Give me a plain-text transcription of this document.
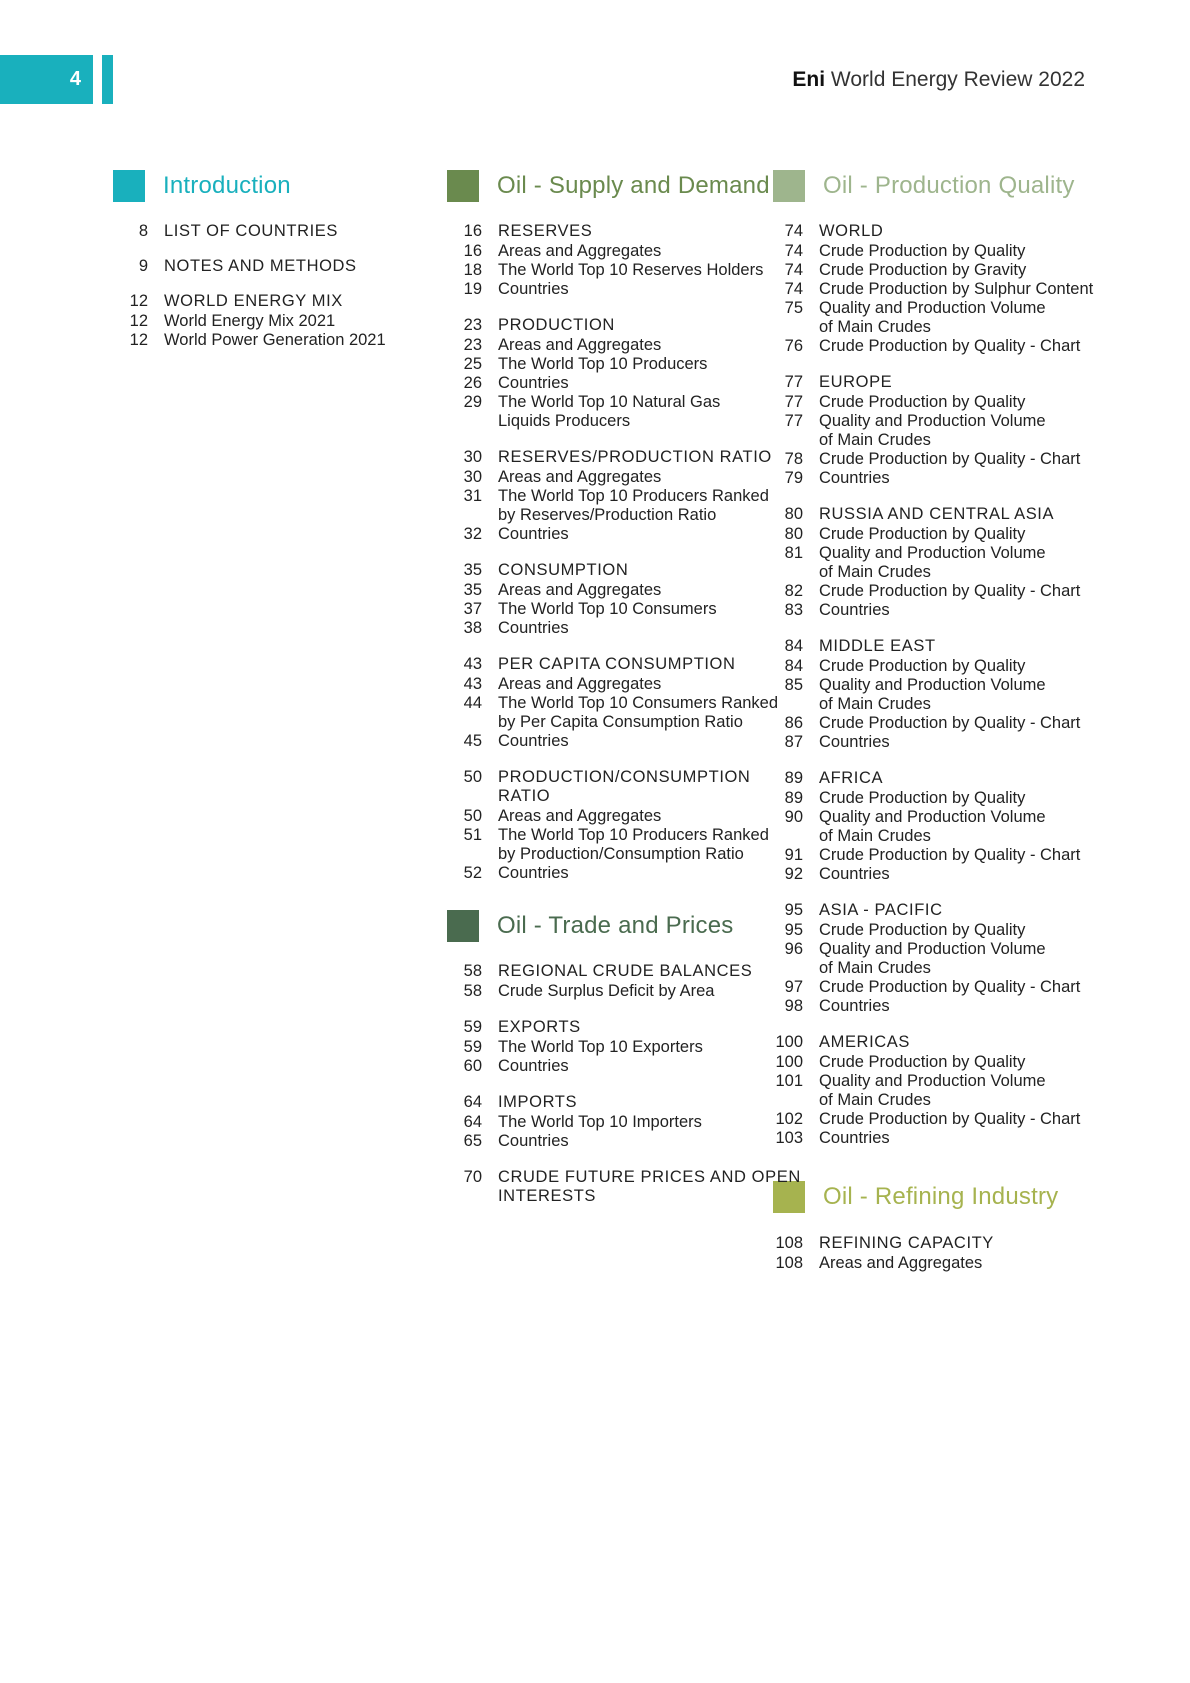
4	Eni World Energy Review 2022
Introduction	Oil - Supply and Demand Oil - Production Quality
Oil - Trade and Prices
Oil - Refining Industry
8 LIST OF COUNTRIES
9 NOTES AND METHODS
12 WORLD ENERGY MIX
12 World Energy Mix 2021
12 World Power Generation 2021
16 RESERVES
16 Areas and Aggregates
18 The World Top 10 Reserves Holders
19 Countries
23 PRODUCTION
23 Areas and Aggregates
25 The World Top 10 Producers
26 Countries
29 The World Top 10 Natural Gas
Liquids Producers
30 RESERVES/PRODUCTION RATIO
30 Areas and Aggregates
31 The World Top 10 Producers Ranked
by Reserves/Production Ratio
32 Countries
35 CONSUMPTION
35 Areas and Aggregates
37 The World Top 10 Consumers
38 Countries
43 PER CAPITA CONSUMPTION
43 Areas and Aggregates
44 The World Top 10 Consumers Ranked
by Per Capita Consumption Ratio
45 Countries
50 PRODUCTION/CONSUMPTION
RATIO
50 Areas and Aggregates
51 The World Top 10 Producers Ranked
by Production/Consumption Ratio
52 Countries
58 REGIONAL CRUDE BALANCES
58 Crude Surplus Deficit by Area
59 EXPORTS
59 The World Top 10 Exporters
60 Countries
64 IMPORTS
64 The World Top 10 Importers
65 Countries
70 CRUDE FUTURE PRICES AND OPEN
INTERESTS
74 WORLD
74 Crude Production by Quality
74 Crude Production by Gravity
74 Crude Production by Sulphur Content
75 Quality and Production Volume
of Main Crudes
76 Crude Production by Quality - Chart
77 EUROPE
77 Crude Production by Quality
77 Quality and Production Volume
of Main Crudes
78 Crude Production by Quality - Chart
79 Countries
80 RUSSIA AND CENTRAL ASIA
80 Crude Production by Quality
81 Quality and Production Volume
of Main Crudes
82 Crude Production by Quality - Chart
83 Countries
84 MIDDLE EAST
84 Crude Production by Quality
85 Quality and Production Volume
of Main Crudes
86 Crude Production by Quality - Chart
87 Countries
89 AFRICA
89 Crude Production by Quality
90 Quality and Production Volume
of Main Crudes
91 Crude Production by Quality - Chart
92 Countries
95 ASIA - PACIFIC
95 Crude Production by Quality
96 Quality and Production Volume
of Main Crudes
97 Crude Production by Quality - Chart
98 Countries
100 AMERICAS
100 Crude Production by Quality
101 Quality and Production Volume
of Main Crudes
102 Crude Production by Quality - Chart
103 Countries
108 REFINING CAPACITY
108 Areas and Aggregates
